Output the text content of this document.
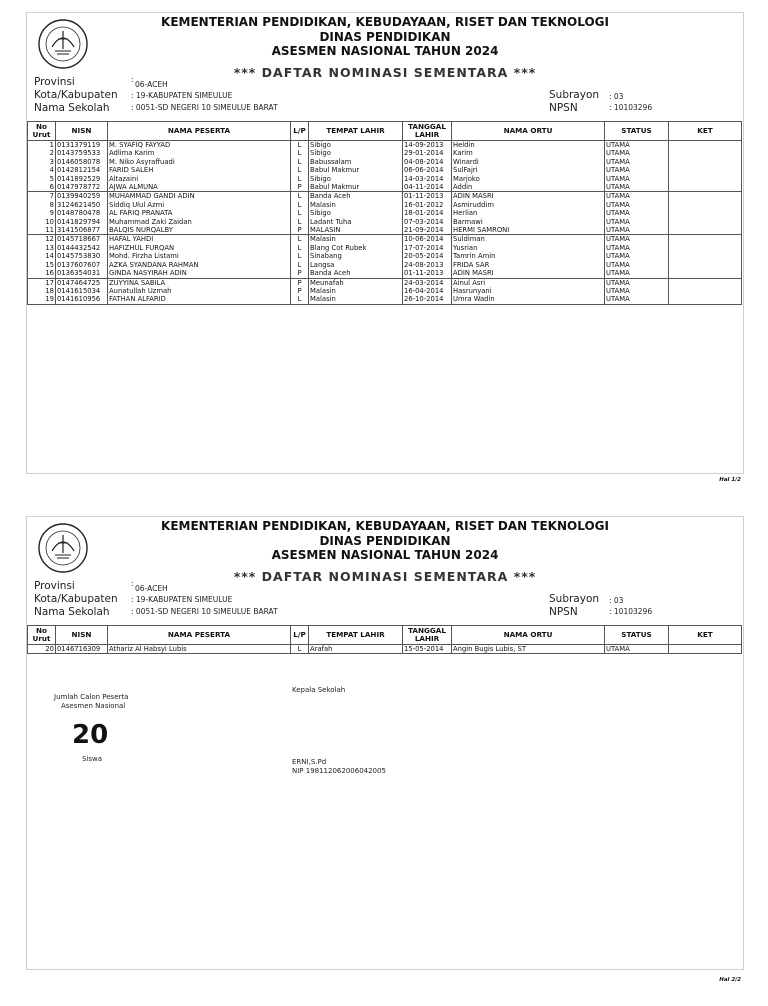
KEMENTERIAN PENDIDIKAN, KEBUDAYAAN, RISET DAN TEKNOLOGI
DINAS PENDIDIKAN
ASESMEN NASIONAL TAHUN 2024
*** DAFTAR NOMINASI SEMENTARA ***
Provinsi	:
06-ACEH
Kota/Kabupaten : 19-KABUPATEN SIMEULUE
Nama Sekolah	: 0051-SD NEGERI 10 SIMEULUE BARAT
Subrayon : 03
NPSN	: 10103296
No Urut	NISN	NAMA PESERTA	L/P	TEMPAT LAHIR	TANGGAL LAHIR	NAMA ORTU	STATUS	KET
1	0131379119	M. SYAFIQ FAYYAD	L	Sibigo	14-09-2013	Heldin	UTAMA	
2	0143759533	Adlima Karim	L	Sibigo	29-01-2014	Karim	UTAMA	
3	0146058078	M. Niko Asyraffuadi	L	Babussalam	04-08-2014	Winardi	UTAMA	
4	0142812154	FARID SALEH	L	Babul Makmur	06-06-2014	SulFajri	UTAMA	
5	0141892529	Altazaini	L	Sibigo	14-03-2014	Marjoko	UTAMA	
6	0147978772	AJWA ALMUNA	P	Babul Makmur	04-11-2014	Addin	UTAMA	
7	0139940259	MUHAMMAD GANDI ADIN	L	Banda Aceh	01-11-2013	ADIN MASRI	UTAMA	
8	3124621450	Siddiq Ulul Azmi	L	Malasin	16-01-2012	Asmiruddim	UTAMA	
9	0148780478	AL FARIQ PRANATA	L	Sibigo	18-01-2014	Herlian	UTAMA	
10	0141829794	Muhammad Zaki Zaidan	L	Ladant Tuha	07-03-2014	Barmawi	UTAMA	
11	3141506877	BALQIS NURQALBY	P	MALASIN	21-09-2014	HERMI SAMRONI	UTAMA	
12	0145718667	HAFAL YAHDI	L	Malasin	10-06-2014	Suldiman	UTAMA	
13	0144432542	HAFIZHUL FURQAN	L	Blang Cot Rubek	17-07-2014	Yusrian	UTAMA	
14	0145753830	Mohd. Firzha Listami	L	Sinabang	20-05-2014	Tamrin Amin	UTAMA	
15	0137607607	AZKA SYANDANA RAHMAN	L	Langsa	24-08-2013	FRIDA SAR	UTAMA	
16	0136354031	GINDA NASYIRAH ADIN	P	Banda Aceh	01-11-2013	ADIN MASRI	UTAMA	
17	0147464725	ZUYYINA SABILA	P	Meunafah	24-03-2014	Ainul Asri	UTAMA	
18	0141615034	Aunatullah Uzmah	P	Malasin	16-04-2014	Hasrunyani	UTAMA	
19	0141610956	FATHAN ALFARID	L	Malasin	26-10-2014	Umra Wadin	UTAMA	
Hal 1/2
KEMENTERIAN PENDIDIKAN, KEBUDAYAAN, RISET DAN TEKNOLOGI
DINAS PENDIDIKAN
ASESMEN NASIONAL TAHUN 2024
*** DAFTAR NOMINASI SEMENTARA ***
Provinsi	:
06-ACEH
Kota/Kabupaten : 19-KABUPATEN SIMEULUE
Nama Sekolah	: 0051-SD NEGERI 10 SIMEULUE BARAT
Subrayon : 03
NPSN	: 10103296
No Urut	NISN	NAMA PESERTA	L/P	TEMPAT LAHIR	TANGGAL LAHIR	NAMA ORTU	STATUS	KET
20	0146716309	Athariz Al Habsyi Lubis	L	Arafah	15-05-2014	Angin Bugis Lubis, ST	UTAMA	
Jumlah Calon Peserta
Asesmen Nasional
20
Siswa
Kepala Sekolah
ERNI,S.Pd
NIP 198112062006042005
Hal 2/2
